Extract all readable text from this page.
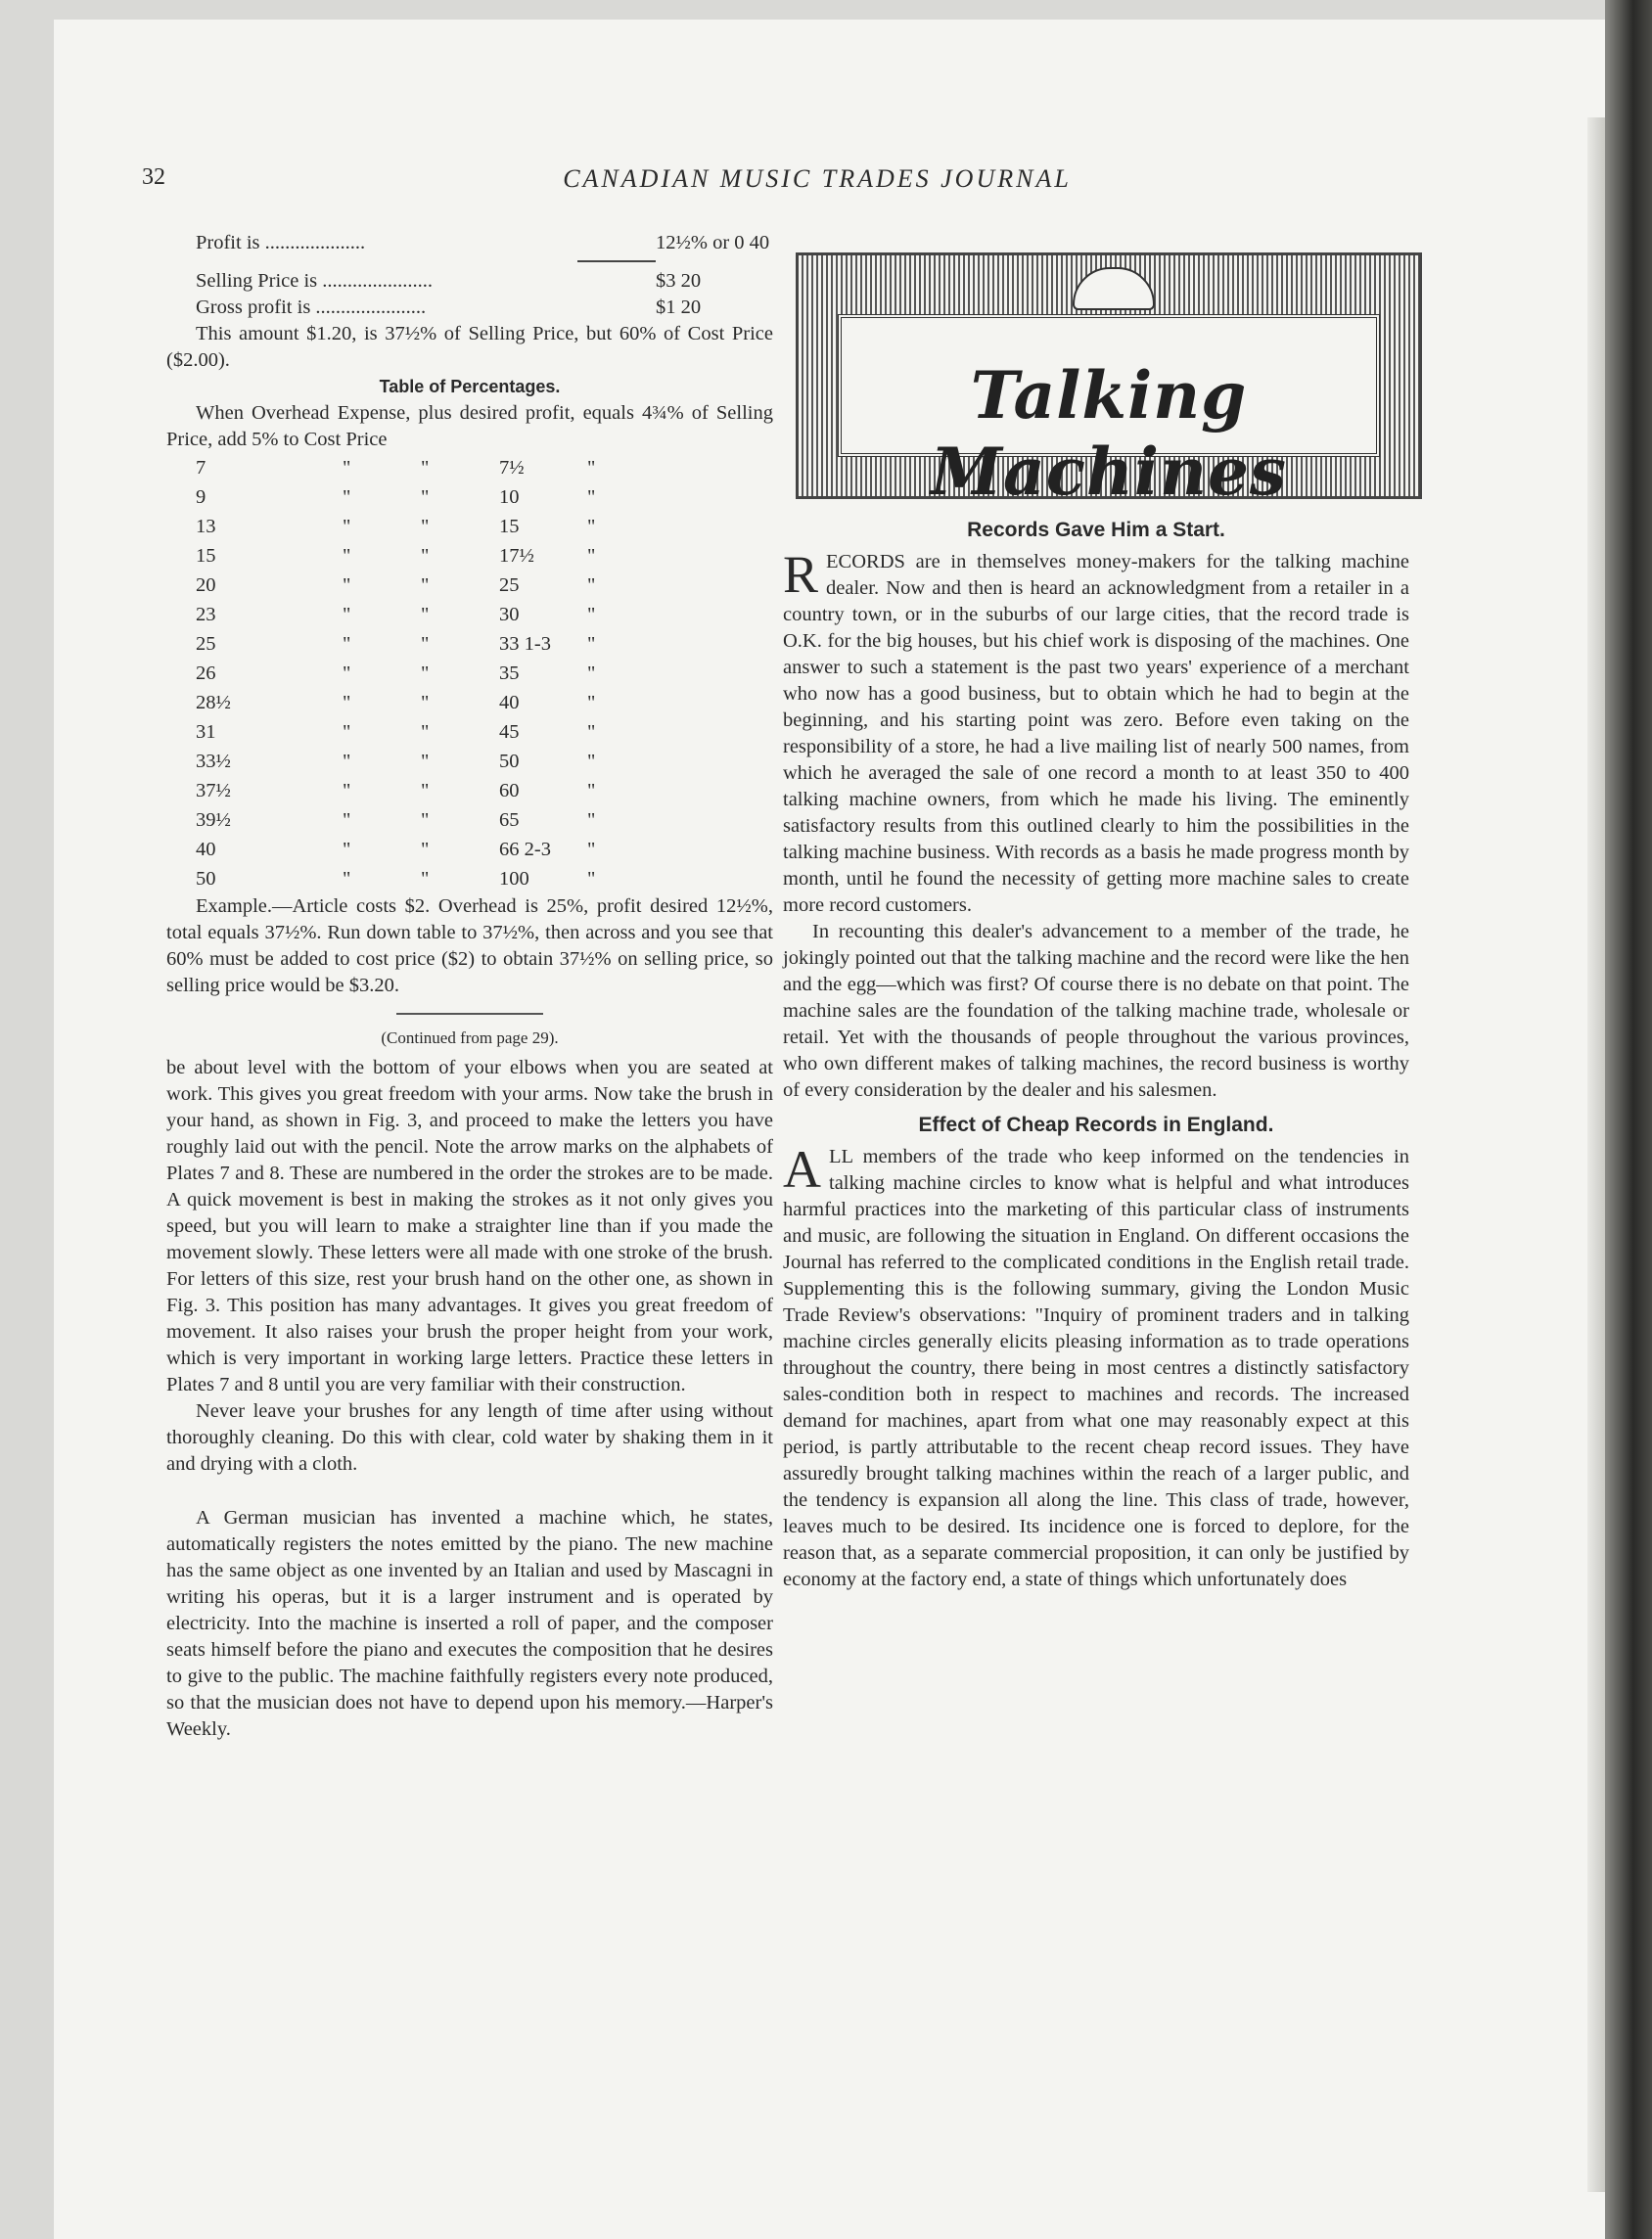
32	CANADIAN MUSIC TRADES JOURNAL
Profit is ....................	12½% or 0 40
Selling Price is ......................	$3 20
Gross profit is ......................	$1 20

This amount $1.20, is 37½% of Selling Price, but 60% of Cost Price ($2.00).

Table of Percentages.

When Overhead Expense, plus desired profit, equals 4¾% of Selling Price, add 5% to Cost Price

7	"	"	7½	"
9	"	"	10	"
13	"	"	15	"
15	"	"	17½	"
20	"	"	25	"
23	"	"	30	"
25	"	"	33 1-3	"
26	"	"	35	"
28½	"	"	40	"
31	"	"	45	"
33½	"	"	50	"
37½	"	"	60	"
39½	"	"	65	"
40	"	"	66 2-3	"
50	"	"	100	"

Example.—Article costs $2. Overhead is 25%, profit desired 12½%, total equals 37½%. Run down table to 37½%, then across and you see that 60% must be added to cost price ($2) to obtain 37½% on selling price, so selling price would be $3.20.

(Continued from page 29).

be about level with the bottom of your elbows when you are seated at work. This gives you great freedom with your arms. Now take the brush in your hand, as shown in Fig. 3, and proceed to make the letters you have roughly laid out with the pencil. Note the arrow marks on the alphabets of Plates 7 and 8. These are numbered in the order the strokes are to be made. A quick movement is best in making the strokes as it not only gives you speed, but you will learn to make a straighter line than if you made the movement slowly. These letters were all made with one stroke of the brush. For letters of this size, rest your brush hand on the other one, as shown in Fig. 3. This position has many advantages. It gives you great freedom of movement. It also raises your brush the proper height from your work, which is very important in working large letters. Practice these letters in Plates 7 and 8 until you are very familiar with their construction.

Never leave your brushes for any length of time after using without thoroughly cleaning. Do this with clear, cold water by shaking them in it and drying with a cloth.

A German musician has invented a machine which, he states, automatically registers the notes emitted by the piano. The new machine has the same object as one invented by an Italian and used by Mascagni in writing his operas, but it is a larger instrument and is operated by electricity. Into the machine is inserted a roll of paper, and the composer seats himself before the piano and executes the composition that he desires to give to the public. The machine faithfully registers every note produced, so that the musician does not have to depend upon his memory.—Harper's Weekly.

Talking Machines
Records Gave Him a Start.

RECORDS are in themselves money-makers for the talking machine dealer. Now and then is heard an acknowledgment from a retailer in a country town, or in the suburbs of our large cities, that the record trade is O.K. for the big houses, but his chief work is disposing of the machines. One answer to such a statement is the past two years' experience of a merchant who now has a good business, but to obtain which he had to begin at the beginning, and his starting point was zero. Before even taking on the responsibility of a store, he had a live mailing list of nearly 500 names, from which he averaged the sale of one record a month to at least 350 to 400 talking machine owners, from which he made his living. The eminently satisfactory results from this outlined clearly to him the possibilities in the talking machine business. With records as a basis he made progress month by month, until he found the necessity of getting more machine sales to create more record customers.

In recounting this dealer's advancement to a member of the trade, he jokingly pointed out that the talking machine and the record were like the hen and the egg—which was first? Of course there is no debate on that point. The machine sales are the foundation of the talking machine trade, wholesale or retail. Yet with the thousands of people throughout the various provinces, who own different makes of talking machines, the record business is worthy of every consideration by the dealer and his salesmen.

Effect of Cheap Records in England.

ALL members of the trade who keep informed on the tendencies in talking machine circles to know what is helpful and what introduces harmful practices into the marketing of this particular class of instruments and music, are following the situation in England. On different occasions the Journal has referred to the complicated conditions in the English retail trade. Supplementing this is the following summary, giving the London Music Trade Review's observations: "Inquiry of prominent traders and in talking machine circles generally elicits pleasing information as to trade operations throughout the country, there being in most centres a distinctly satisfactory sales-condition both in respect to machines and records. The increased demand for machines, apart from what one may reasonably expect at this period, is partly attributable to the recent cheap record issues. They have assuredly brought talking machines within the reach of a larger public, and the tendency is expansion all along the line. This class of trade, however, leaves much to be desired. Its incidence one is forced to deplore, for the reason that, as a separate commercial proposition, it can only be justified by economy at the factory end, a state of things which unfortunately does
